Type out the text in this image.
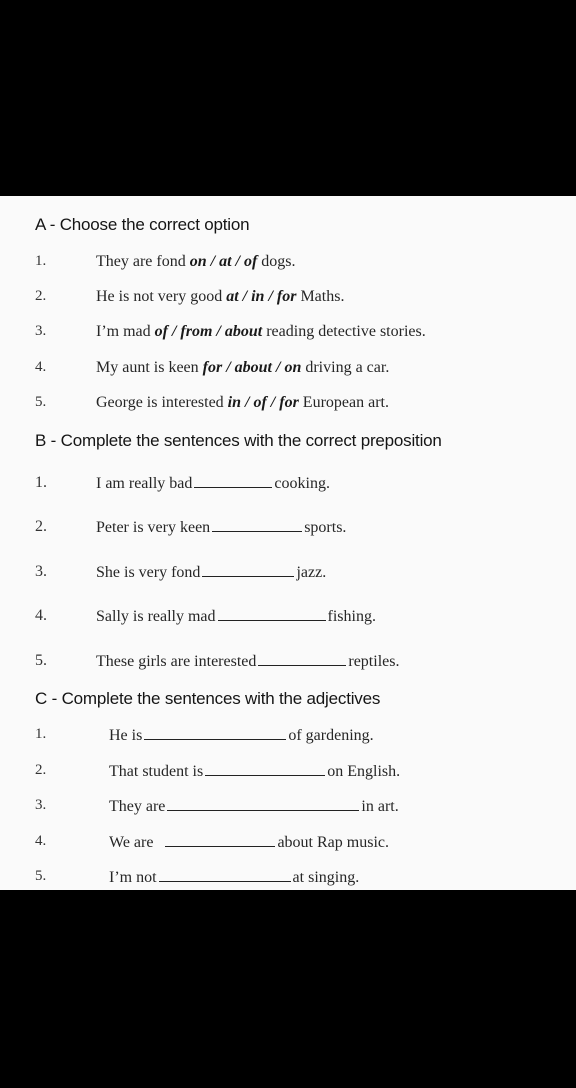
A - Choose the correct option
1.	They are fond on / at / of dogs.
2.	He is not very good at / in / for Maths.
3.	I’m mad of / from / about reading detective stories.
4.	My aunt is keen for / about / on driving a car.
5.	George is interested in / of / for European art.
B - Complete the sentences with the correct preposition
1.	I am really bad	cooking.
2.	Peter is very keen	sports.
3.	She is very fond	jazz.
4.	Sally is really mad	fishing.
5.	These girls are interested	reptiles.
C - Complete the sentences with the adjectives
1.	He is	of gardening.
2.	That student is	on English.
3.	They are	in art.
4.	We are	about Rap music.
5.	I’m not	at singing.
